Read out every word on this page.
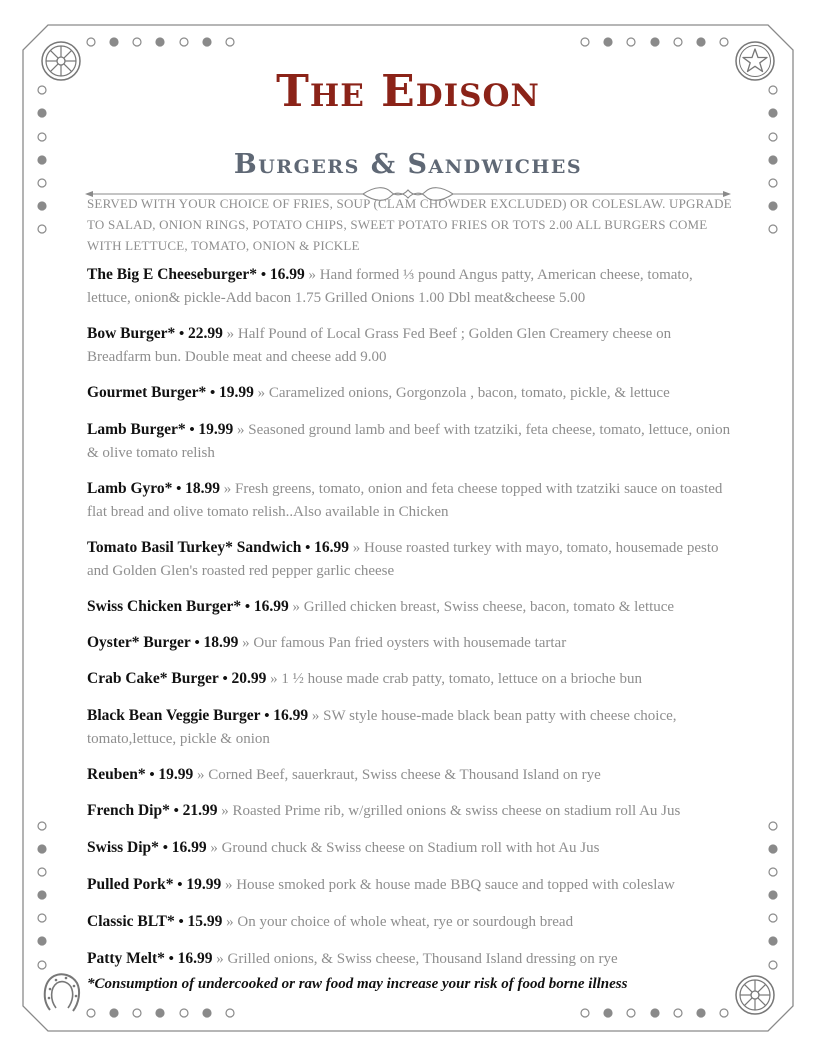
The Edison
Burgers & Sandwiches
SERVED WITH YOUR CHOICE OF FRIES, SOUP (CLAM CHOWDER EXCLUDED) OR COLESLAW. UPGRADE TO SALAD, ONION RINGS, POTATO CHIPS, SWEET POTATO FRIES OR TOTS 2.00 ALL BURGERS COME WITH LETTUCE, TOMATO, ONION & PICKLE

The Big E Cheeseburger* • 16.99 » Hand formed ⅓ pound Angus patty, American cheese, tomato, lettuce, onion& pickle-Add bacon 1.75 Grilled Onions 1.00 Dbl meat&cheese 5.00

Bow Burger* • 22.99 » Half Pound of Local Grass Fed Beef ; Golden Glen Creamery cheese on Breadfarm bun. Double meat and cheese add 9.00

Gourmet Burger* • 19.99 » Caramelized onions, Gorgonzola , bacon, tomato, pickle, & lettuce

Lamb Burger* • 19.99 » Seasoned ground lamb and beef with tzatziki, feta cheese, tomato, lettuce, onion & olive tomato relish

Lamb Gyro* • 18.99 » Fresh greens, tomato, onion and feta cheese topped with tzatziki sauce on toasted flat bread and olive tomato relish..Also available in Chicken

Tomato Basil Turkey* Sandwich • 16.99 » House roasted turkey with mayo, tomato, housemade pesto and Golden Glen's roasted red pepper garlic cheese

Swiss Chicken Burger* • 16.99 » Grilled chicken breast, Swiss cheese, bacon, tomato & lettuce

Oyster* Burger • 18.99 » Our famous Pan fried oysters with housemade tartar

Crab Cake* Burger • 20.99 » 1 ½ house made crab patty, tomato, lettuce on a brioche bun

Black Bean Veggie Burger • 16.99 » SW style house-made black bean patty with cheese choice, tomato,lettuce, pickle & onion

Reuben* • 19.99 » Corned Beef, sauerkraut, Swiss cheese & Thousand Island on rye

French Dip* • 21.99 » Roasted Prime rib, w/grilled onions & swiss cheese on stadium roll Au Jus

Swiss Dip* • 16.99 » Ground chuck & Swiss cheese on Stadium roll with hot Au Jus

Pulled Pork* • 19.99 » House smoked pork & house made BBQ sauce and topped with coleslaw

Classic BLT* • 15.99 » On your choice of whole wheat, rye or sourdough bread

Patty Melt* • 16.99 » Grilled onions, & Swiss cheese, Thousand Island dressing on rye

*Consumption of undercooked or raw food may increase your risk of food borne illness
